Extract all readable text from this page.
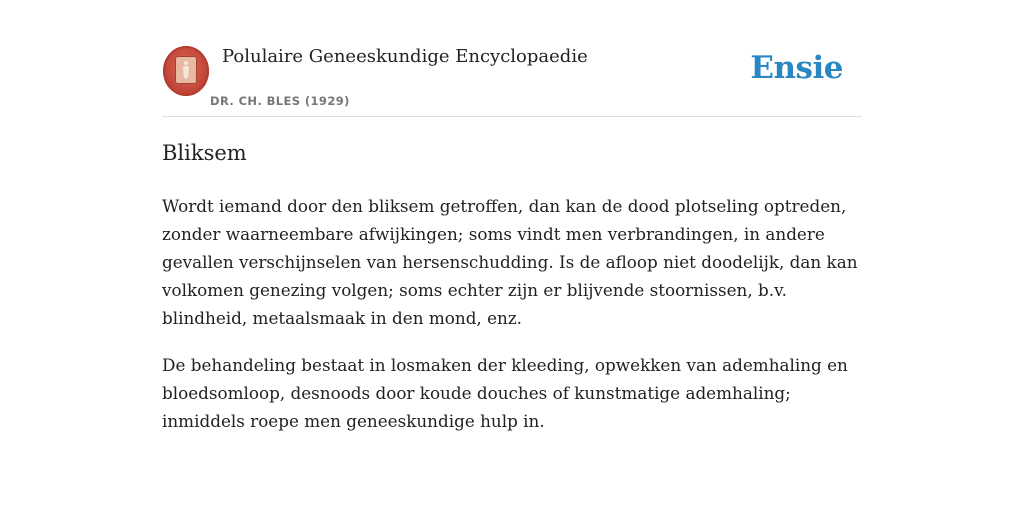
Polulaire Geneeskundige Encyclopaedie
DR. CH. BLES (1929)
Ensie
Bliksem

Wordt iemand door den bliksem getroffen, dan kan de dood plotseling optreden, zonder waarneembare afwijkingen; soms vindt men verbrandingen, in andere gevallen verschijnselen van hersenschudding. Is de afloop niet doodelijk, dan kan volkomen genezing volgen; soms echter zijn er blijvende stoornissen, b.v. blindheid, metaalsmaak in den mond, enz.

De behandeling bestaat in losmaken der kleeding, opwekken van ademhaling en bloedsomloop, desnoods door koude douches of kunstmatige ademhaling; inmiddels roepe men geneeskundige hulp in.
